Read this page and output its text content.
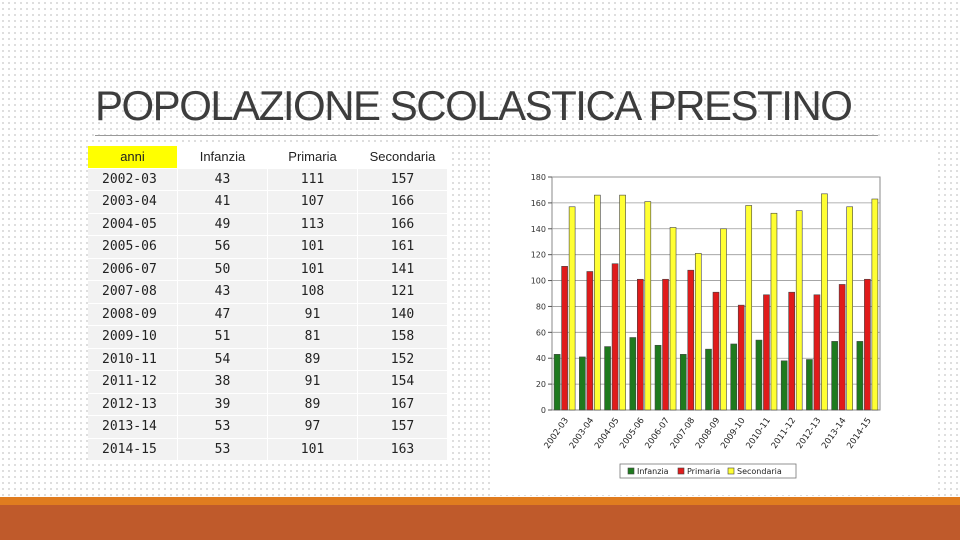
POPOLAZIONE SCOLASTICA PRESTINO
anni	Infanzia	Primaria	Secondaria
2002-03	43	111	157
2003-04	41	107	166
2004-05	49	113	166
2005-06	56	101	161
2006-07	50	101	141
2007-08	43	108	121
2008-09	47	91	140
2009-10	51	81	158
2010-11	54	89	152
2011-12	38	91	154
2012-13	39	89	167
2013-14	53	97	157
2014-15	53	101	163
0
20
40
60
80
100
120
140
160
180
2002-03
2003-04
2004-05
2005-06
2006-07
2007-08
2008-09
2009-10
2010-11
2011-12
2012-13
2013-14
2014-15
Infanzia Primaria Secondaria
